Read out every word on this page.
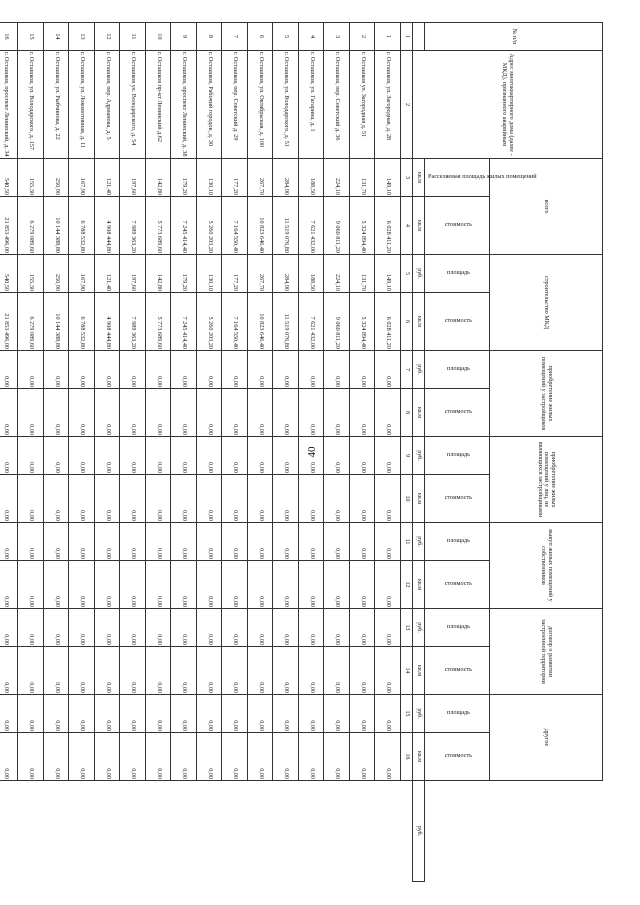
40
№ п/п	Адрес многоквартирного дома (далее - МКД), признанного аварийным	всего		строительство МКД		приобретение жилых помещений у застройщиков		приобретение жилых помещений у лиц, не являющихся застройщиками		выкуп жилых помещений у собственников		договор о развитии застроенной территории		другое		
		Расселяемая площадь жилых помещений	стоимость	площадь	стоимость	площадь	стоимость	площадь	стоимость	площадь	стоимость	площадь	стоимость	площадь	стоимость	
		кв.м	кв.м	руб.	кв.м	руб.	кв.м	руб.	кв.м	руб.	кв.м	руб.	кв.м	руб.	кв.м	руб.
1	2	3	4	5	6	7	8	9	10	11	12	13	14	15	16	
1	г. Осташков, ул. Загородная, д. 28	149,10	6 028 411,20	149,10	6 028 411,20	0,00	0,00	0,00	0,00	0,00	0,00	0,00	0,00	0,00	0,00	
2	г. Осташков ул. Загородная д. 51	131,70	5 324 894,40	131,70	5 324 894,40	0,00	0,00	0,00	0,00	0,00	0,00	0,00	0,00	0,00	0,00	
3	г. Осташков, пер. Советский д. 36	224,10	9 060 811,20	224,10	9 060 811,20	0,00	0,00	0,00	0,00	0,00	0,00	0,00	0,00	0,00	0,00	
4	г. Осташков, ул. Гагарина, д. 1	188,50	7 621 432,00	188,50	7 621 432,00	0,00	0,00	0,00	0,00	0,00	0,00	0,00	0,00	0,00	0,00	
5	г. Осташков, ул. Володарского, д. 51	284,90	11 519 076,80	284,90	11 519 076,80	0,00	0,00	0,00	0,00	0,00	0,00	0,00	0,00	0,00	0,00	
6	г. Осташков, ул. Октябрьская, д. 100	267,70	10 823 646,40	267,70	10 823 646,40	0,00	0,00	0,00	0,00	0,00	0,00	0,00	0,00	0,00	0,00	
7	г. Осташков, пер. Советский д. 29	177,20	7 164 550,40	177,20	7 164 550,40	0,00	0,00	0,00	0,00	0,00	0,00	0,00	0,00	0,00	0,00	
8	г. Осташков, Рабочий городок, д. 30	130,10	5 260 203,20	130,10	5 260 203,20	0,00	0,00	0,00	0,00	0,00	0,00	0,00	0,00	0,00	0,00	
9	г. Осташков, проспект Ленинский, д. 38	179,20	7 245 414,40	179,20	7 245 414,40	0,00	0,00	0,00	0,00	0,00	0,00	0,00	0,00	0,00	0,00	
10	г. Осташков пр-кт Ленинский д.62	142,80	5 773 689,60	142,80	5 773 689,60	0,00	0,00	0,00	0,00	0,00	0,00	0,00	0,00	0,00	0,00	
11	г. Осташков ул. Володарского, д. 54	197,60	7 989 363,20	197,60	7 989 363,20	0,00	0,00	0,00	0,00	0,00	0,00	0,00	0,00	0,00	0,00	
12	г. Осташков, пер. Адрианова, д. 5	121,40	4 908 444,80	121,40	4 908 444,80	0,00	0,00	0,00	0,00	0,00	0,00	0,00	0,00	0,00	0,00	
13	г. Осташков, ул. Локомотивная, д. 11	167,90	6 788 532,80	167,90	6 788 532,80	0,00	0,00	0,00	0,00	0,00	0,00	0,00	0,00	0,00	0,00	
14	г. Осташков, ул. Рыбчинова, д. 22	250,90	10 144 388,80	250,90	10 144 388,80	0,00	0,00	0,00	0,00	0,00	0,00	0,00	0,00	0,00	0,00	
15	г. Осташков, ул. Володарского, д. 157	155,30	6 279 089,60	155,30	6 279 089,60	0,00	0,00	0,00	0,00	0,00	0,00	0,00	0,00	0,00	0,00	
16	г. Осташков, проспект Ленинский, д. 34	540,50	21 853 496,00	540,50	21 853 496,00	0,00	0,00	0,00	0,00	0,00	0,00	0,00	0,00	0,00	0,00	
